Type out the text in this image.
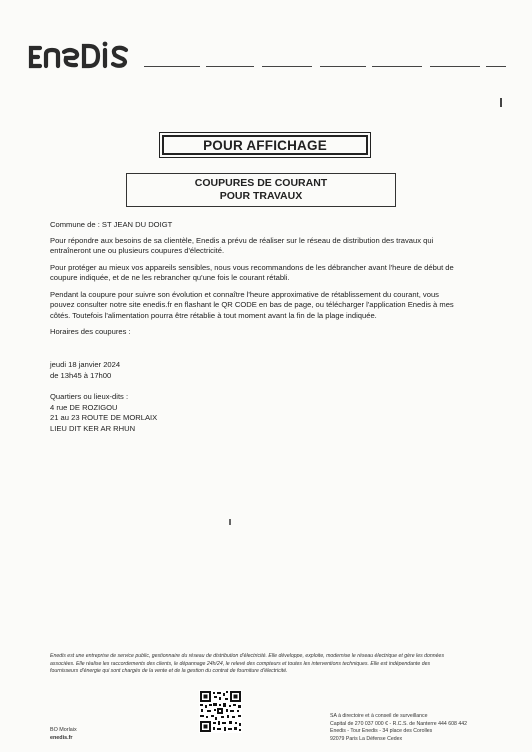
POUR AFFICHAGE
COUPURES DE COURANT
POUR TRAVAUX
Commune de : ST JEAN DU DOIGT
Pour répondre aux besoins de sa clientèle, Enedis a prévu de réaliser sur le réseau de distribution des travaux qui
entraîneront une ou plusieurs coupures d'électricité.
Pour protéger au mieux vos appareils sensibles, nous vous recommandons de les débrancher avant l'heure de début de
coupure indiquée, et de ne les rebrancher qu'une fois le courant rétabli.
Pendant la coupure pour suivre son évolution et connaître l'heure approximative de rétablissement du courant, vous
pouvez consulter notre site enedis.fr en flashant le QR CODE en bas de page, ou télécharger l'application Enedis à mes
côtés. Toutefois l'alimentation pourra être rétablie à tout moment avant la fin de la plage indiquée.
Horaires des coupures :
jeudi 18 janvier 2024
de 13h45 à 17h00
Quartiers ou lieux-dits :
4 rue DE ROZIGOU
21 au 23 ROUTE DE MORLAIX
LIEU DIT KER AR RHUN
Enedis est une entreprise de service public, gestionnaire du réseau de distribution d'électricité. Elle développe, exploite, modernise le réseau électrique et gère les données
associées. Elle réalise les raccordements des clients, le dépannage 24h/24, le relevé des compteurs et toutes les interventions techniques. Elle est indépendante des
fournisseurs d'énergie qui sont chargés de la vente et de la gestion du contrat de fourniture d'électricité.
BO Morlaix
enedis.fr
SA à directoire et à conseil de surveillance
Capital de 270 037 000 € - R.C.S. de Nanterre 444 608 442
Enedis - Tour Enedis - 34 place des Corolles
92079 Paris La Défense Cedex
